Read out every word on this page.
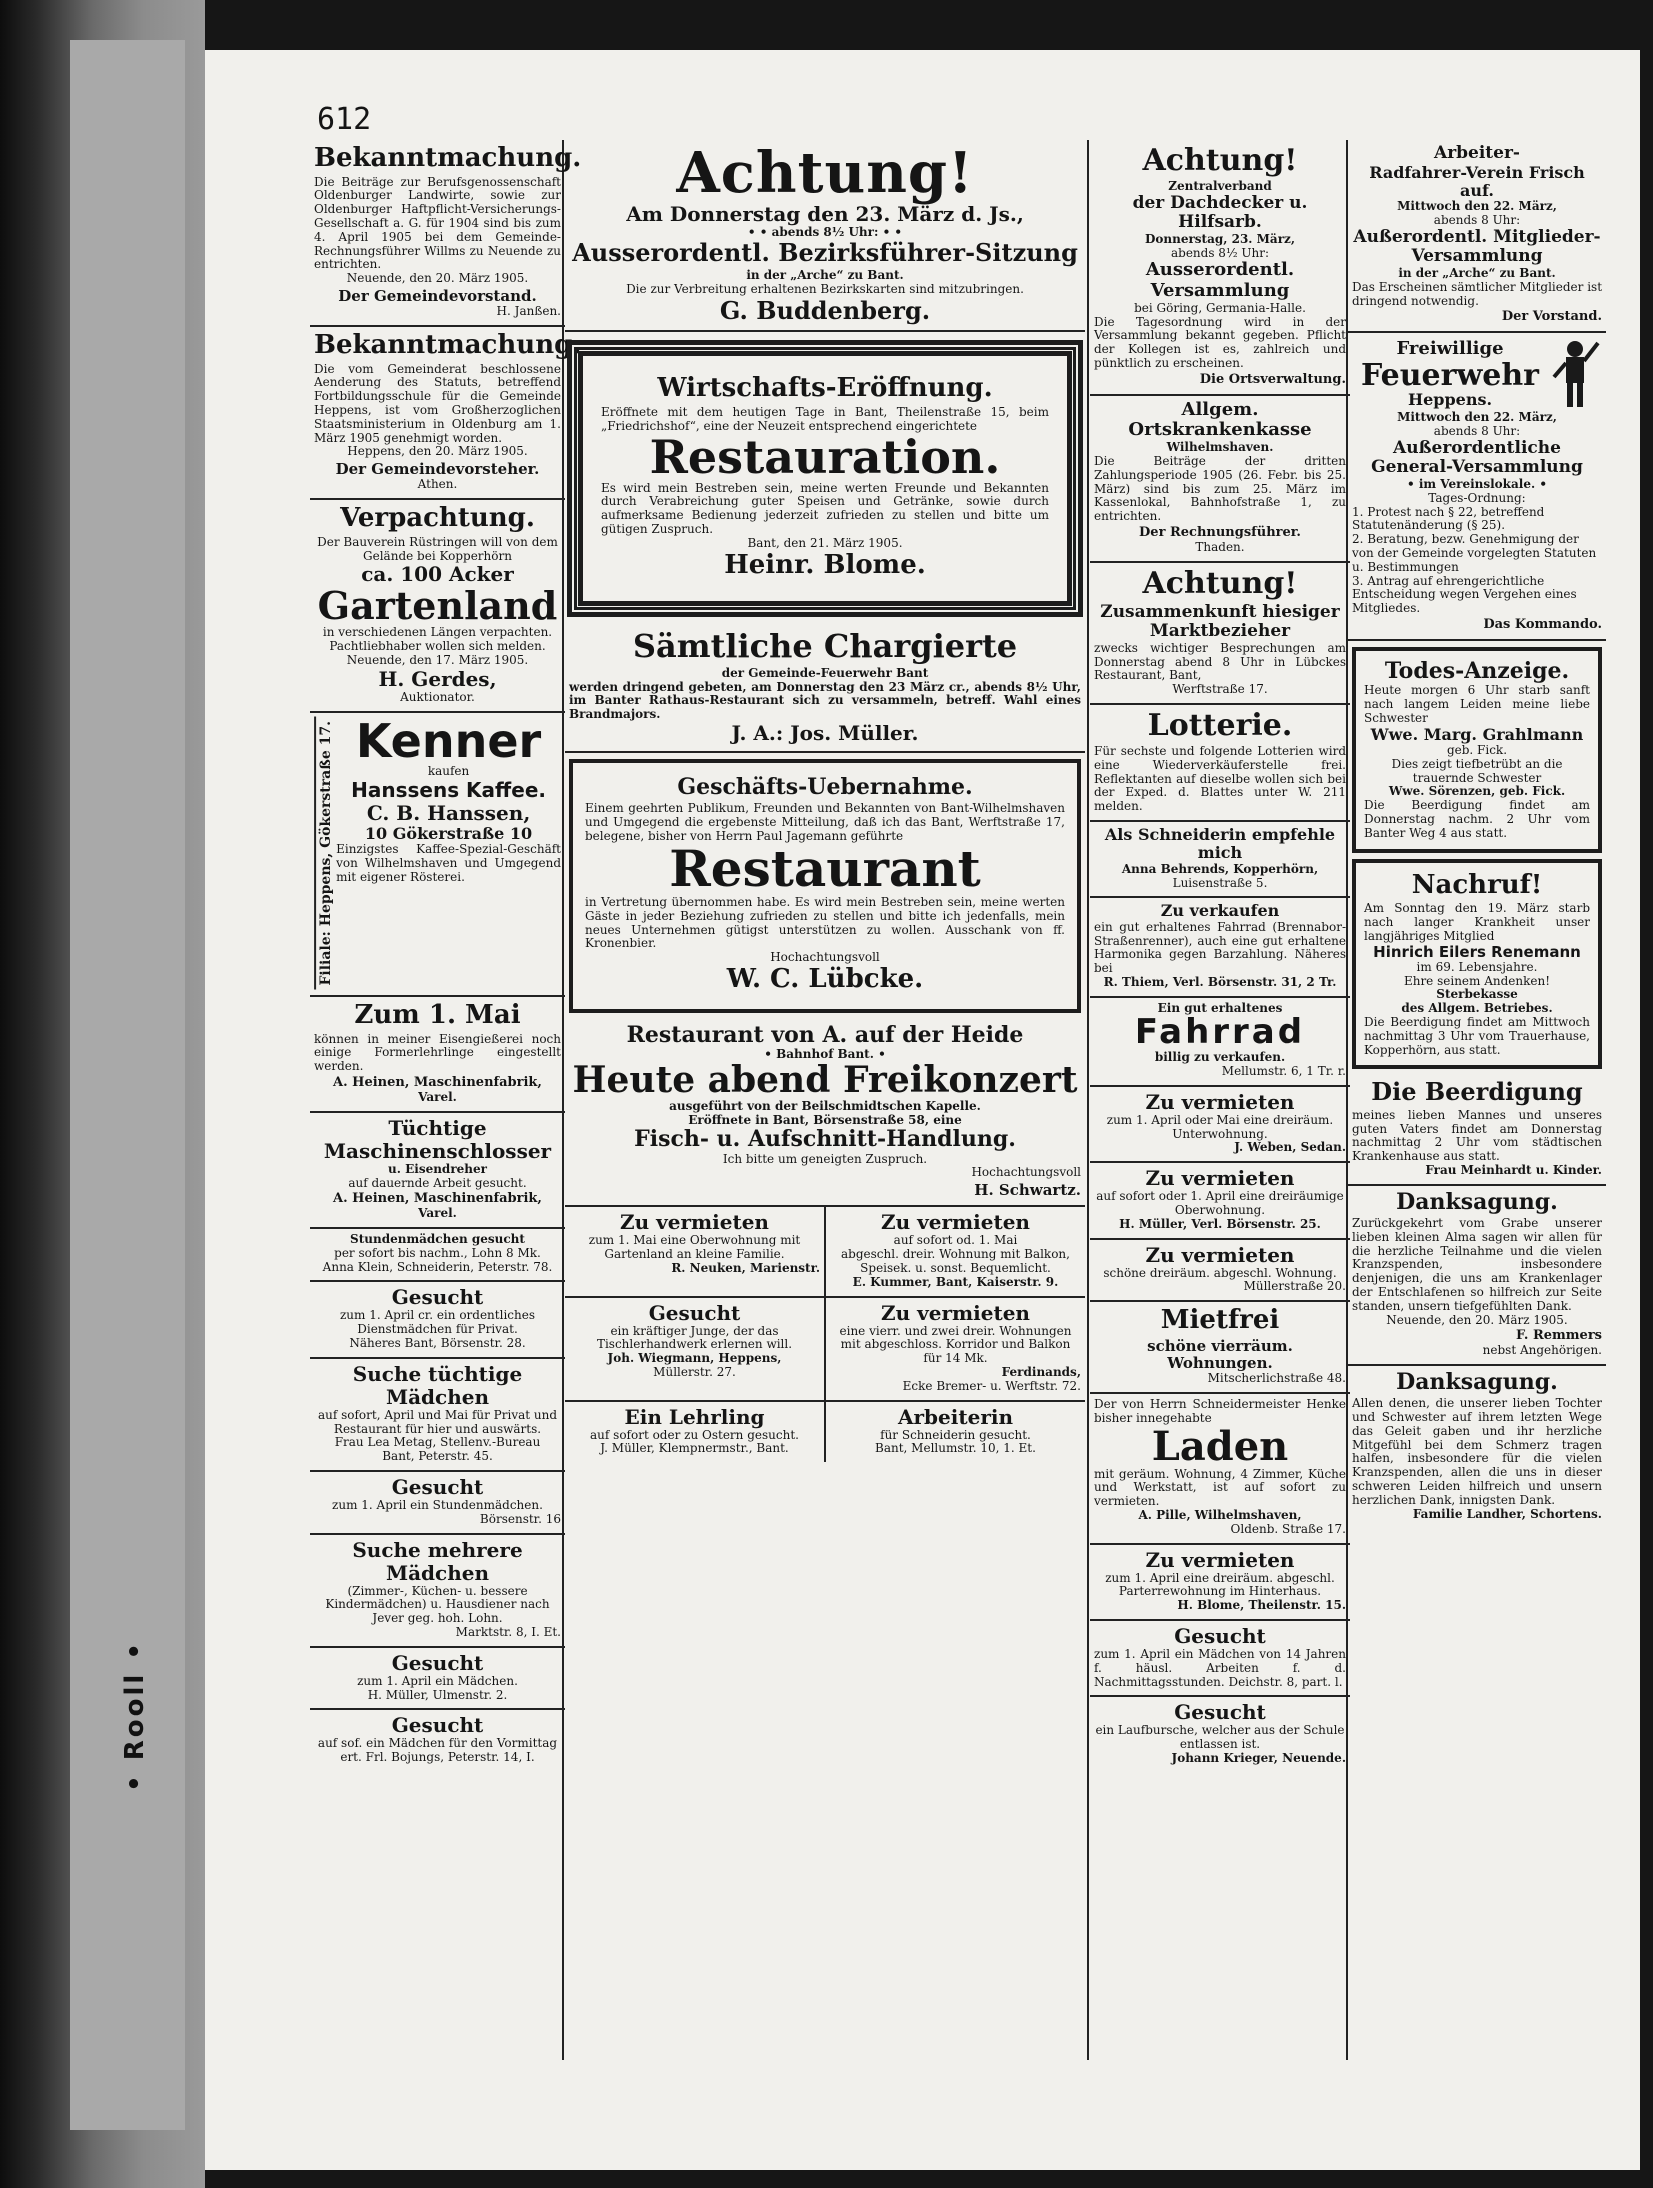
• Rooll •
612
Bekanntmachung.
Die Beiträge zur Berufsgenossenschaft Oldenburger Landwirte, sowie zur Oldenburger Haftpflicht-Versicherungs-Gesellschaft a. G. für 1904 sind bis zum 4. April 1905 bei dem Gemeinde-Rechnungsführer Willms zu Neuende zu entrichten.
Neuende, den 20. März 1905.
Der Gemeindevorstand.
H. Janßen.
Bekanntmachung.
Die vom Gemeinderat beschlossene Aenderung des Statuts, betreffend Fortbildungsschule für die Gemeinde Heppens, ist vom Großherzoglichen Staatsministerium in Oldenburg am 1. März 1905 genehmigt worden.
Heppens, den 20. März 1905.
Der Gemeindevorsteher.
Athen.
Verpachtung.
Der Bauverein Rüstringen will von dem Gelände bei Kopperhörn
ca. 100 Acker
Gartenland
in verschiedenen Längen verpachten. Pachtliebhaber wollen sich melden.
Neuende, den 17. März 1905.
H. Gerdes,
Auktionator.
Filiale: Heppens, Gökerstraße 17. Kenner
kaufen
Hanssens Kaffee.
C. B. Hanssen,
10 Gökerstraße 10
Einzigstes Kaffee-Spezial-Geschäft von Wilhelmshaven und Umgegend mit eigener Rösterei.
Zum 1. Mai
können in meiner Eisengießerei noch einige Formerlehrlinge eingestellt werden.
A. Heinen, Maschinenfabrik,
Varel.
Tüchtige Maschinenschlosser
u. Eisendreher
auf dauernde Arbeit gesucht.
A. Heinen, Maschinenfabrik,
Varel.
Stundenmädchen gesucht
per sofort bis nachm., Lohn 8 Mk.
Anna Klein, Schneiderin, Peterstr. 78.
Gesucht
zum 1. April cr. ein ordentliches Dienstmädchen für Privat.
Näheres Bant, Börsenstr. 28.
Suche tüchtige Mädchen
auf sofort, April und Mai für Privat und Restaurant für hier und auswärts.
Frau Lea Metag, Stellenv.-Bureau
Bant, Peterstr. 45.
Gesucht
zum 1. April ein Stundenmädchen.
Börsenstr. 16
Suche mehrere Mädchen
(Zimmer-, Küchen- u. bessere Kindermädchen) u. Hausdiener nach Jever geg. hoh. Lohn.
Marktstr. 8, I. Et.
Gesucht
zum 1. April ein Mädchen.
H. Müller, Ulmenstr. 2.
Gesucht
auf sof. ein Mädchen für den Vormittag ert. Frl. Bojungs, Peterstr. 14, I.
Achtung!
Am Donnerstag den 23. März d. Js.,
• • abends 8½ Uhr: • •
Ausserordentl. Bezirksführer-Sitzung
in der „Arche“ zu Bant.
Die zur Verbreitung erhaltenen Bezirkskarten sind mitzubringen.
G. Buddenberg.
Wirtschafts-Eröffnung.
Eröffnete mit dem heutigen Tage in Bant, Theilenstraße 15, beim „Friedrichshof“, eine der Neuzeit entsprechend eingerichtete
Restauration.
Es wird mein Bestreben sein, meine werten Freunde und Bekannten durch Verabreichung guter Speisen und Getränke, sowie durch aufmerksame Bedienung jederzeit zufrieden zu stellen und bitte um gütigen Zuspruch.
Bant, den 21. März 1905.
Heinr. Blome.
Sämtliche Chargierte
der Gemeinde-Feuerwehr Bant
werden dringend gebeten, am Donnerstag den 23 März cr., abends 8½ Uhr, im Banter Rathaus-Restaurant sich zu versammeln, betreff. Wahl eines Brandmajors.
J. A.: Jos. Müller.
Geschäfts-Uebernahme.
Einem geehrten Publikum, Freunden und Bekannten von Bant-Wilhelmshaven und Umgegend die ergebenste Mitteilung, daß ich das Bant, Werftstraße 17, belegene, bisher von Herrn Paul Jagemann geführte
Restaurant
in Vertretung übernommen habe. Es wird mein Bestreben sein, meine werten Gäste in jeder Beziehung zufrieden zu stellen und bitte ich jedenfalls, mein neues Unternehmen gütigst unterstützen zu wollen. Ausschank von ff. Kronenbier.
Hochachtungsvoll
W. C. Lübcke.
Restaurant von A. auf der Heide
• Bahnhof Bant. •
Heute abend Freikonzert
ausgeführt von der Beilschmidtschen Kapelle.
Eröffnete in Bant, Börsenstraße 58, eine
Fisch- u. Aufschnitt-Handlung.
Ich bitte um geneigten Zuspruch.
Hochachtungsvoll
H. Schwartz.
Zu vermieten
zum 1. Mai eine Oberwohnung mit Gartenland an kleine Familie.
R. Neuken, Marienstr.
Zu vermieten
auf sofort od. 1. Mai
abgeschl. dreir. Wohnung mit Balkon, Speisek. u. sonst. Bequemlicht.
E. Kummer, Bant, Kaiserstr. 9.
Gesucht
ein kräftiger Junge, der das Tischlerhandwerk erlernen will.
Joh. Wiegmann, Heppens,
Müllerstr. 27.
Zu vermieten
eine vierr. und zwei dreir. Wohnungen mit abgeschloss. Korridor und Balkon für 14 Mk.
Ferdinands,
Ecke Bremer- u. Werftstr. 72.
Ein Lehrling
auf sofort oder zu Ostern gesucht.
J. Müller, Klempnermstr., Bant.
Arbeiterin
für Schneiderin gesucht.
Bant, Mellumstr. 10, 1. Et.
Achtung!
Zentralverband
der Dachdecker u. Hilfsarb.
Donnerstag, 23. März,
abends 8½ Uhr:
Ausserordentl. Versammlung
bei Göring, Germania-Halle.
Die Tagesordnung wird in der Versammlung bekannt gegeben. Pflicht der Kollegen ist es, zahlreich und pünktlich zu erscheinen.
Die Ortsverwaltung.
Allgem. Ortskrankenkasse
Wilhelmshaven.
Die Beiträge der dritten Zahlungsperiode 1905 (26. Febr. bis 25. März) sind bis zum 25. März im Kassenlokal, Bahnhofstraße 1, zu entrichten.
Der Rechnungsführer.
Thaden.
Achtung!
Zusammenkunft hiesiger Marktbezieher
zwecks wichtiger Besprechungen am Donnerstag abend 8 Uhr in Lübckes Restaurant, Bant,
Werftstraße 17.
Lotterie.
Für sechste und folgende Lotterien wird eine Wiederverkäuferstelle frei. Reflektanten auf dieselbe wollen sich bei der Exped. d. Blattes unter W. 211 melden.
Als Schneiderin empfehle mich
Anna Behrends, Kopperhörn,
Luisenstraße 5.
Zu verkaufen
ein gut erhaltenes Fahrrad (Brennabor-Straßenrenner), auch eine gut erhaltene Harmonika gegen Barzahlung. Näheres bei
R. Thiem, Verl. Börsenstr. 31, 2 Tr.
Ein gut erhaltenes
Fahrrad
billig zu verkaufen.
Mellumstr. 6, 1 Tr. r.
Zu vermieten
zum 1. April oder Mai eine dreiräum. Unterwohnung.
J. Weben, Sedan.
Zu vermieten
auf sofort oder 1. April eine dreiräumige Oberwohnung.
H. Müller, Verl. Börsenstr. 25.
Zu vermieten
schöne dreiräum. abgeschl. Wohnung.
Müllerstraße 20.
Mietfrei
schöne vierräum. Wohnungen.
Mitscherlichstraße 48.
Der von Herrn Schneidermeister Henke bisher innegehabte
Laden
mit geräum. Wohnung, 4 Zimmer, Küche und Werkstatt, ist auf sofort zu vermieten.
A. Pille, Wilhelmshaven,
Oldenb. Straße 17.
Zu vermieten
zum 1. April eine dreiräum. abgeschl. Parterrewohnung im Hinterhaus.
H. Blome, Theilenstr. 15.
Gesucht
zum 1. April ein Mädchen von 14 Jahren f. häusl. Arbeiten f. d. Nachmittagsstunden. Deichstr. 8, part. l.
Gesucht
ein Laufbursche, welcher aus der Schule entlassen ist.
Johann Krieger, Neuende.
Arbeiter-
Radfahrer-Verein Frisch auf.
Mittwoch den 22. März,
abends 8 Uhr:
Außerordentl. Mitglieder-Versammlung
in der „Arche“ zu Bant.
Das Erscheinen sämtlicher Mitglieder ist dringend notwendig.
Der Vorstand.
Freiwillige
Feuerwehr
Heppens.
Mittwoch den 22. März,
abends 8 Uhr:
Außerordentliche General-Versammlung
• im Vereinslokale. •
Tages-Ordnung:
1. Protest nach § 22, betreffend Statutenänderung (§ 25).
2. Beratung, bezw. Genehmigung der von der Gemeinde vorgelegten Statuten u. Bestimmungen
3. Antrag auf ehrengerichtliche Entscheidung wegen Vergehen eines Mitgliedes.
Das Kommando.
Todes-Anzeige.
Heute morgen 6 Uhr starb sanft nach langem Leiden meine liebe Schwester
Wwe. Marg. Grahlmann
geb. Fick.
Dies zeigt tiefbetrübt an die trauernde Schwester
Wwe. Sörenzen, geb. Fick.
Die Beerdigung findet am Donnerstag nachm. 2 Uhr vom Banter Weg 4 aus statt.
Nachruf!
Am Sonntag den 19. März starb nach langer Krankheit unser langjähriges Mitglied
Hinrich Eilers Renemann
im 69. Lebensjahre.
Ehre seinem Andenken!
Sterbekasse
des Allgem. Betriebes.
Die Beerdigung findet am Mittwoch nachmittag 3 Uhr vom Trauerhause, Kopperhörn, aus statt.
Die Beerdigung
meines lieben Mannes und unseres guten Vaters findet am Donnerstag nachmittag 2 Uhr vom städtischen Krankenhause aus statt.
Frau Meinhardt u. Kinder.
Danksagung.
Zurückgekehrt vom Grabe unserer lieben kleinen Alma sagen wir allen für die herzliche Teilnahme und die vielen Kranzspenden, insbesondere denjenigen, die uns am Krankenlager der Entschlafenen so hilfreich zur Seite standen, unsern tiefgefühlten Dank.
Neuende, den 20. März 1905.
F. Remmers
nebst Angehörigen.
Danksagung.
Allen denen, die unserer lieben Tochter und Schwester auf ihrem letzten Wege das Geleit gaben und ihr herzliche Mitgefühl bei dem Schmerz tragen halfen, insbesondere für die vielen Kranzspenden, allen die uns in dieser schweren Leiden hilfreich und unsern herzlichen Dank, innigsten Dank.
Familie Landher, Schortens.
